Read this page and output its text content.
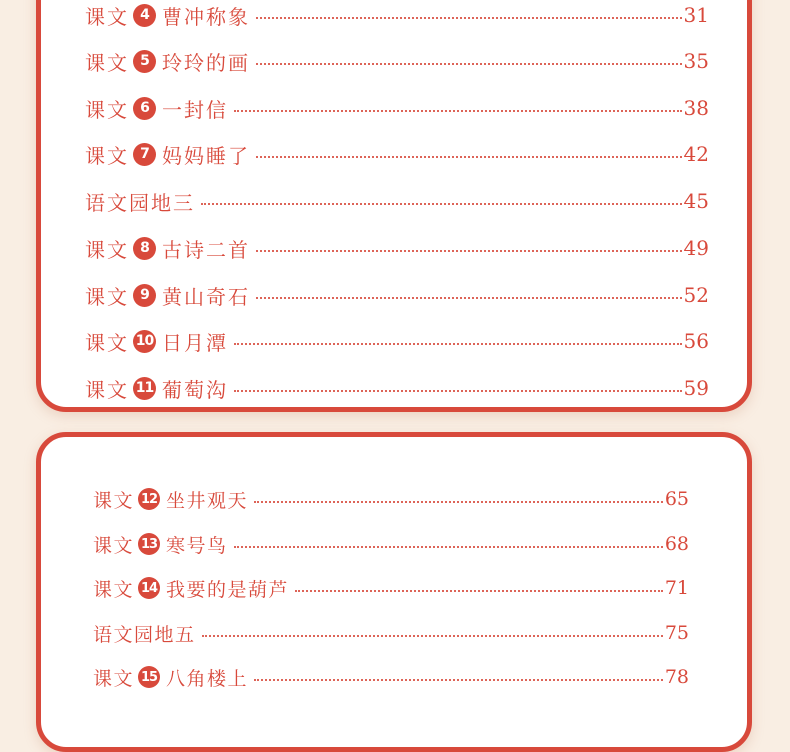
课文 4 曹冲称象	31
课文 5 玲玲的画	35
课文 6 一封信	38
课文 7 妈妈睡了	42
语文园地三	45
课文 8 古诗二首	49
课文 9 黄山奇石	52
课文 10 日月潭	56
课文 11 葡萄沟	59
课文 12 坐井观天	65
课文 13 寒号鸟	68
课文 14 我要的是葫芦	71
语文园地五	75
课文 15 八角楼上	78
